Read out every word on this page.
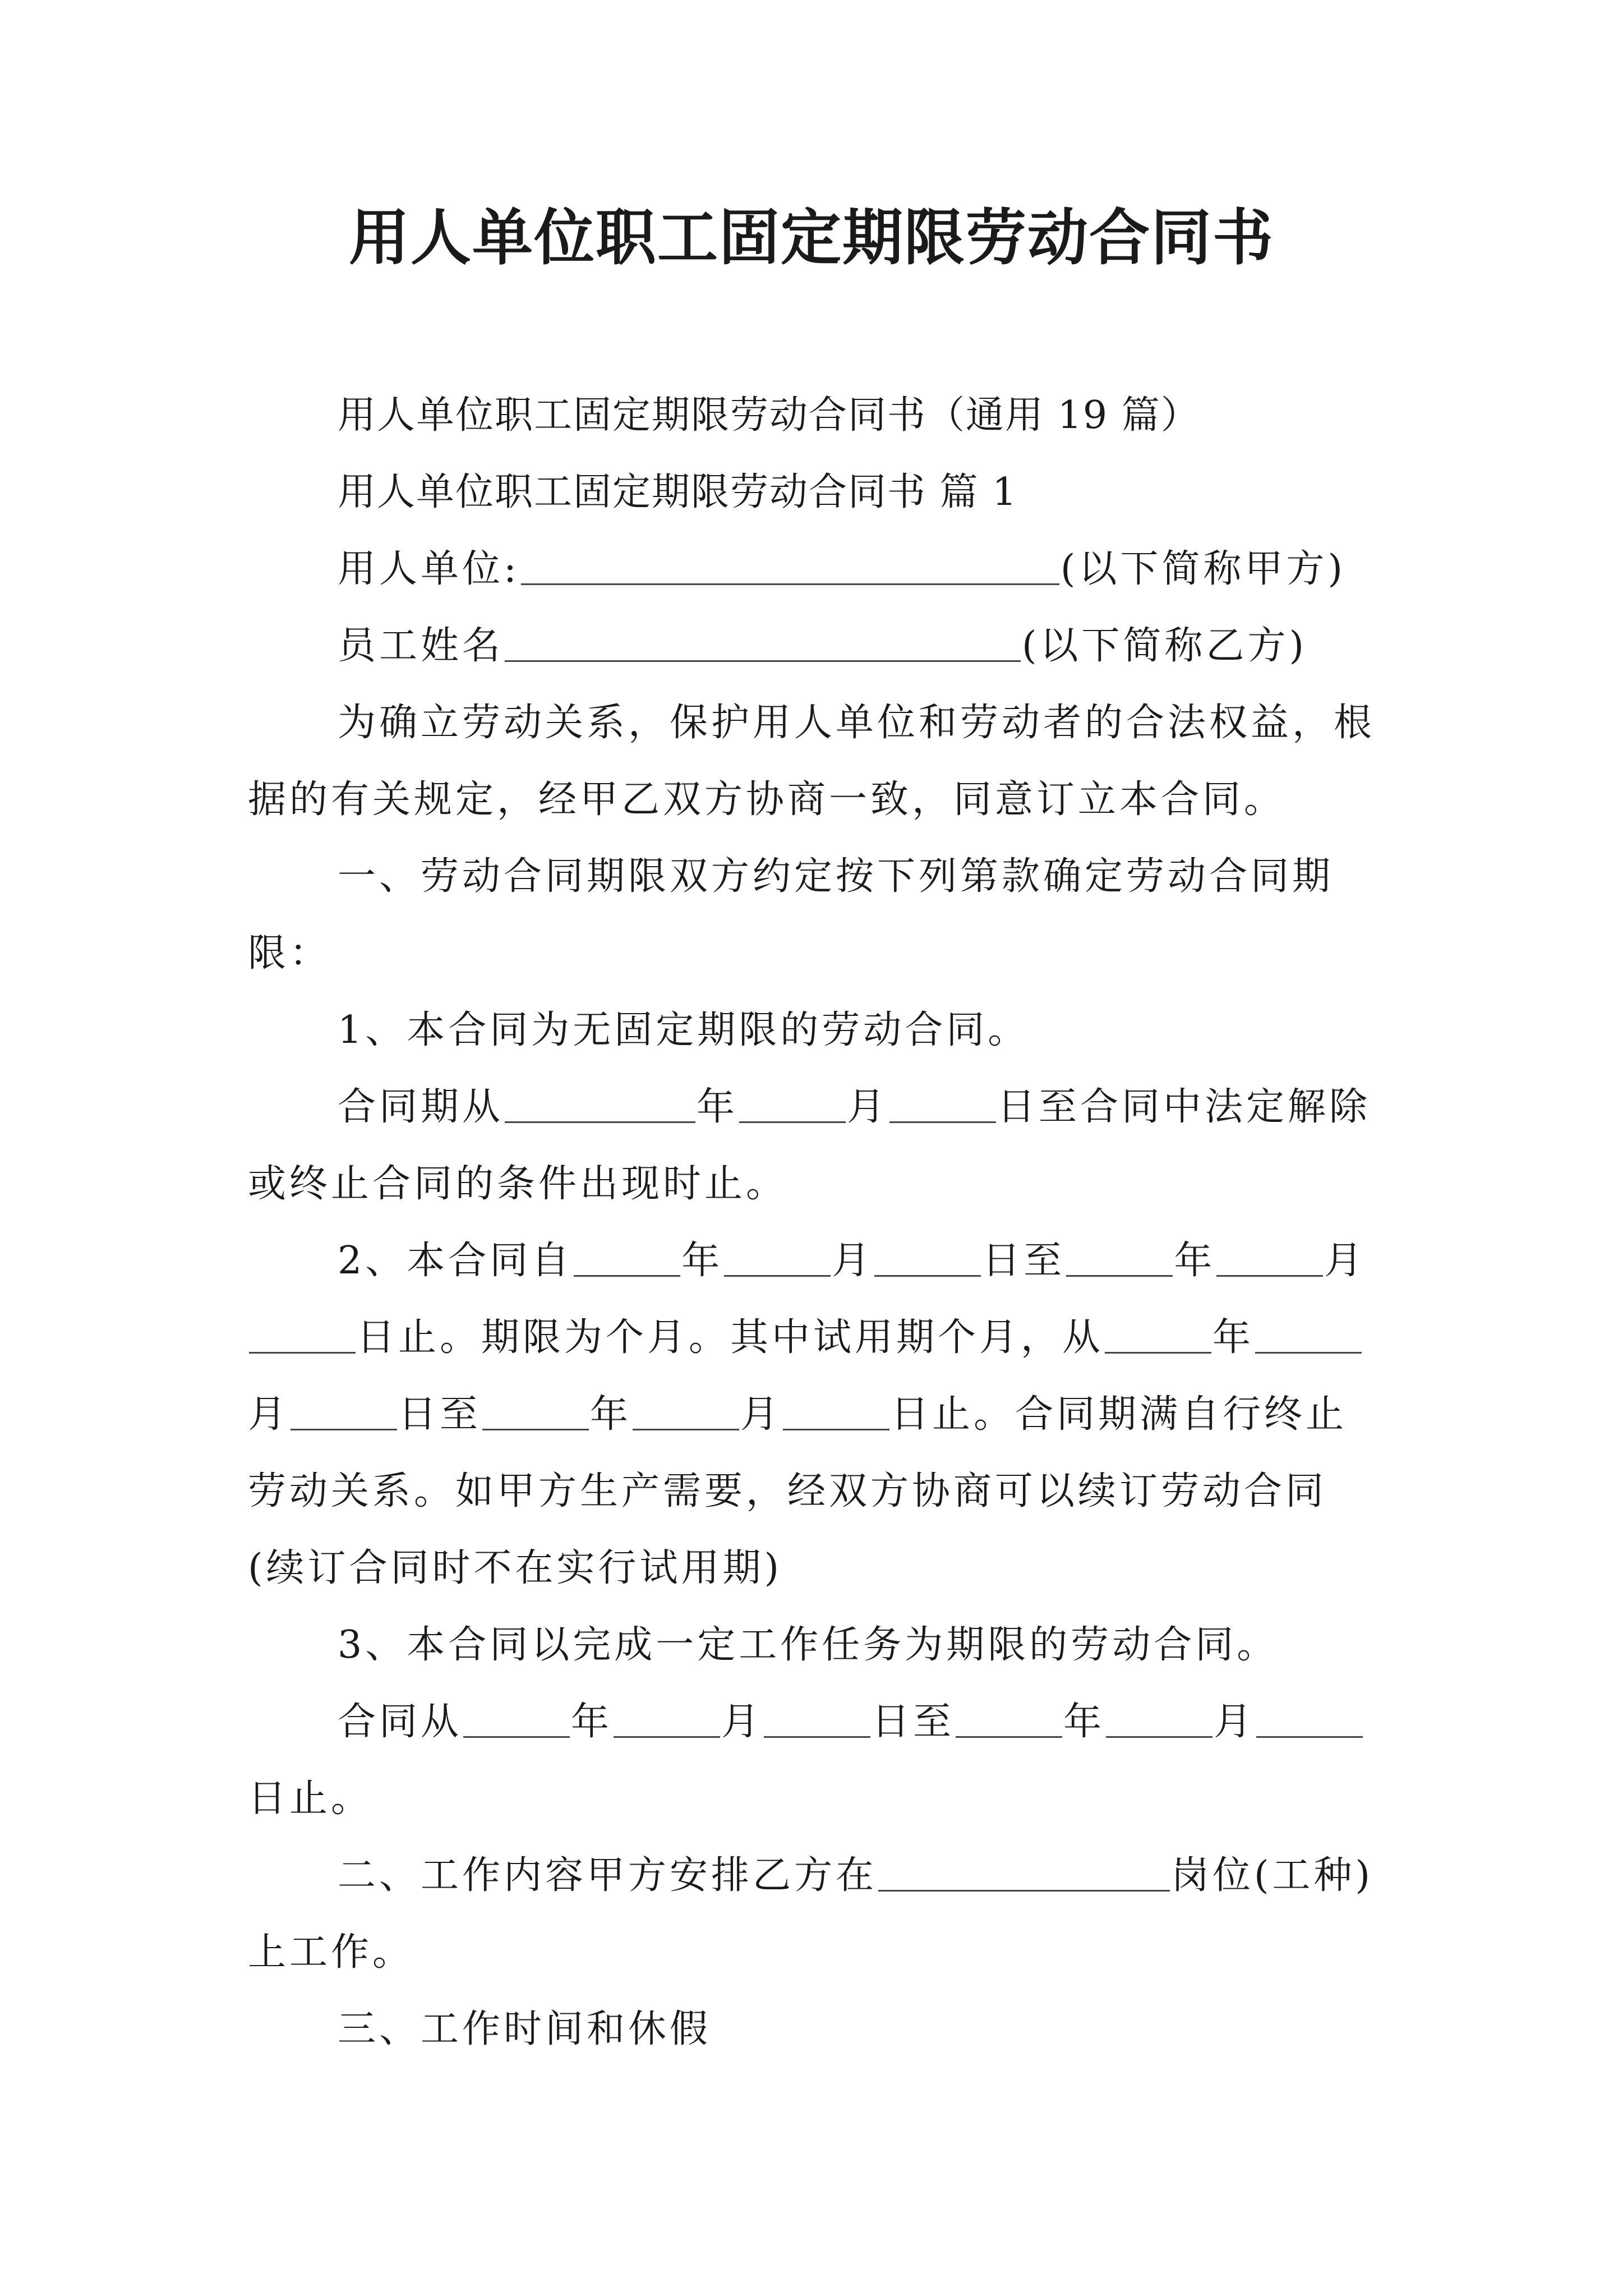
用人单位职工固定期限劳动合同书

用人单位职工固定期限劳动合同书（通用 19 篇）

用人单位职工固定期限劳动合同书 篇 1

用人单位:	(以下简称甲方)

员工姓名	(以下简称乙方)

为确立劳动关系，保护用人单位和劳动者的合法权益，根据的有关规定，经甲乙双方协商一致，同意订立本合同。

一、劳动合同期限双方约定按下列第款确定劳动合同期限：

1、本合同为无固定期限的劳动合同。

合同期从	年	月	日至合同中法定解除或终止合同的条件出现时止。

2、本合同自	年	月	日至	年	月日止。期限为个月。其中试用期个月，从	年月	日至	年	月	日止。合同期满自行终止劳动关系。如甲方生产需要，经双方协商可以续订劳动合同(续订合同时不在实行试用期)

3、本合同以完成一定工作任务为期限的劳动合同。

合同从	年	月	日至	年	月日止。

二、工作内容甲方安排乙方在	岗位(工种)上工作。

三、工作时间和休假
